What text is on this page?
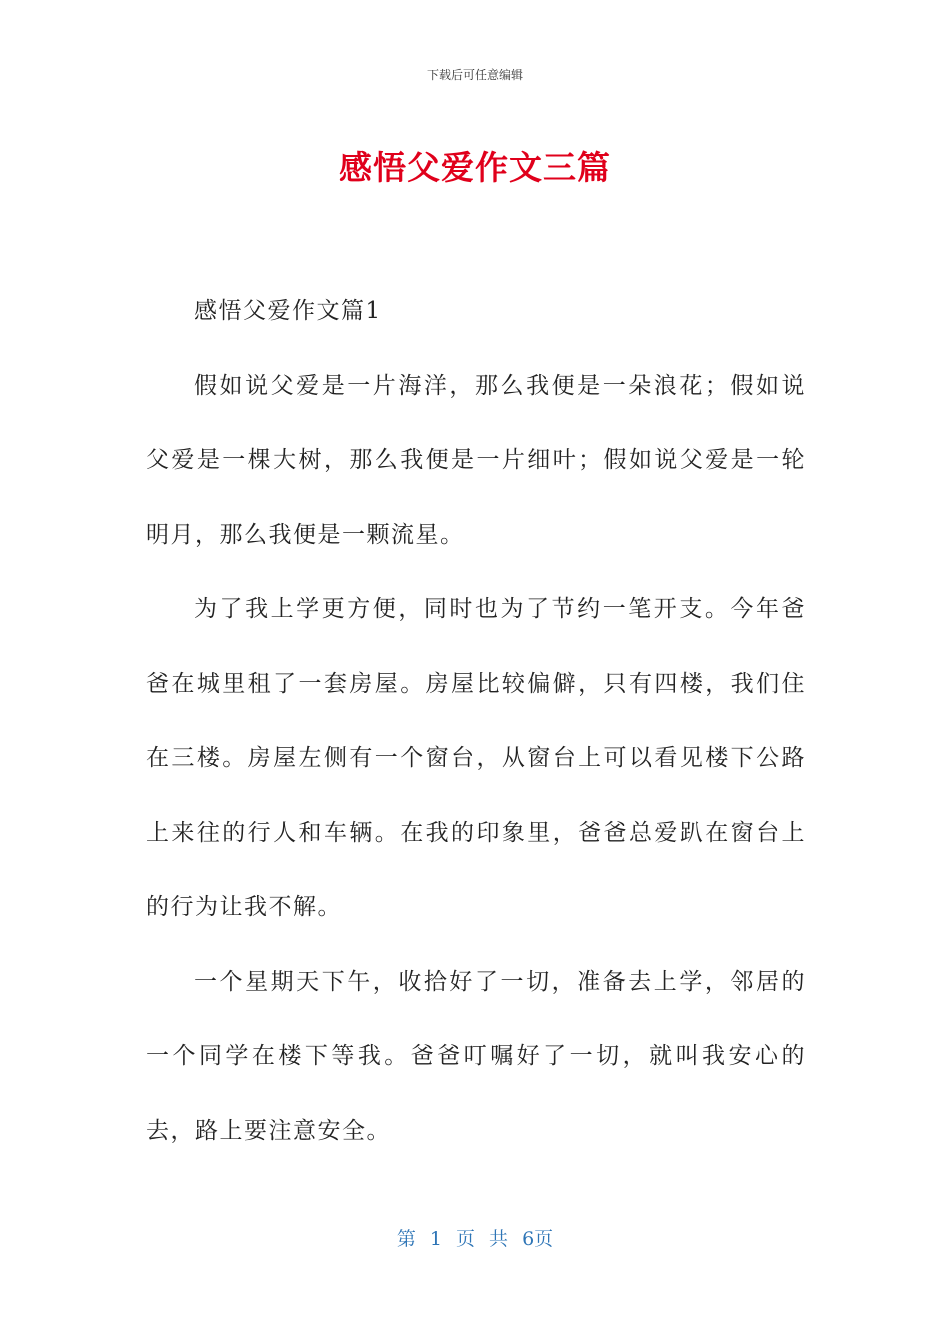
下载后可任意编辑
感悟父爱作文三篇

感悟父爱作文篇1

假如说父爱是一片海洋，那么我便是一朵浪花；假如说父爱是一棵大树，那么我便是一片细叶；假如说父爱是一轮明月，那么我便是一颗流星。

为了我上学更方便，同时也为了节约一笔开支。今年爸爸在城里租了一套房屋。房屋比较偏僻，只有四楼，我们住在三楼。房屋左侧有一个窗台，从窗台上可以看见楼下公路上来往的行人和车辆。在我的印象里，爸爸总爱趴在窗台上的行为让我不解。

一个星期天下午，收拾好了一切，准备去上学，邻居的一个同学在楼下等我。爸爸叮嘱好了一切，就叫我安心的去，路上要注意安全。

第 1 页 共 6页
